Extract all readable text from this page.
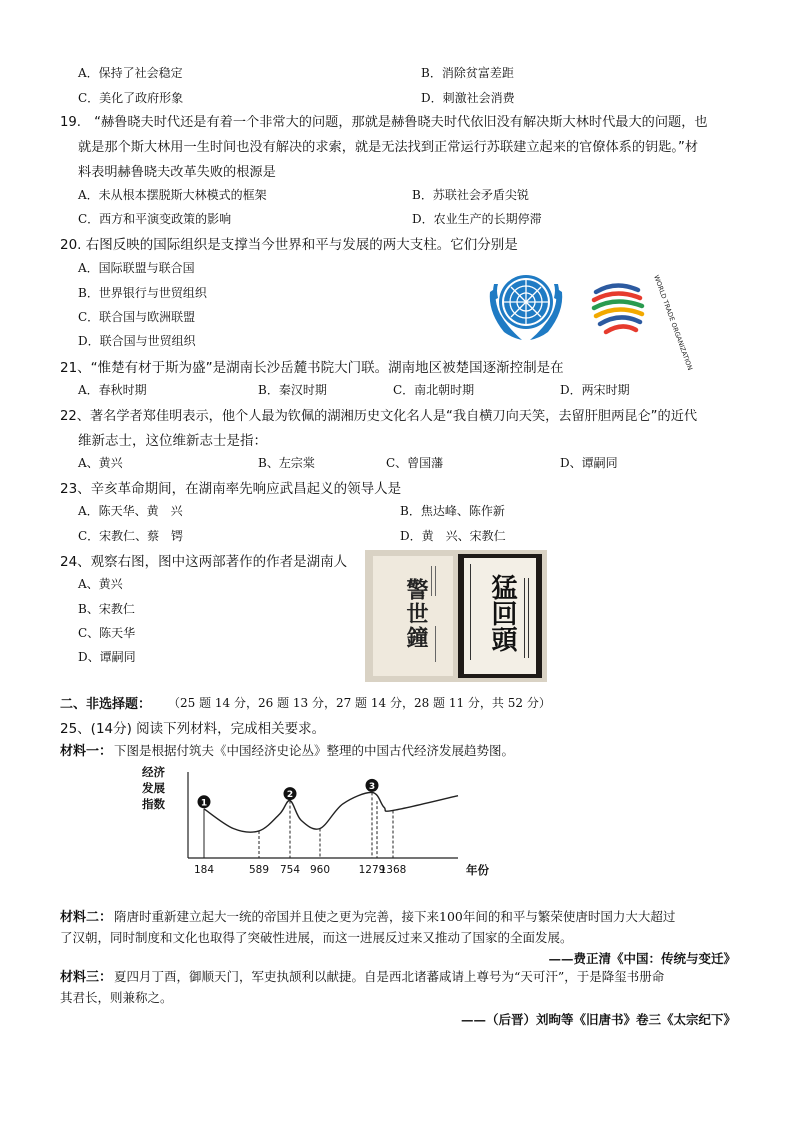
A．保持了社会稳定	B．消除贫富差距
C．美化了政府形象	D．刺激社会消费
19.　“赫鲁晓夫时代还是有着一个非常大的问题，那就是赫鲁晓夫时代依旧没有解决斯大林时代最大的问题，也
就是那个斯大林用一生时间也没有解决的求索，就是无法找到正常运行苏联建立起来的官僚体系的钥匙。”材
料表明赫鲁晓夫改革失败的根源是
A．未从根本摆脱斯大林模式的框架	B．苏联社会矛盾尖锐
C．西方和平演变政策的影响	D．农业生产的长期停滞
20. 右图反映的国际组织是支撑当今世界和平与发展的两大支柱。它们分别是
A．国际联盟与联合国
B．世界银行与世贸组织
C．联合国与欧洲联盟
D．联合国与世贸组织	WORLD TRADE ORGANIZATION
21、“惟楚有材于斯为盛”是湖南长沙岳麓书院大门联。湖南地区被楚国逐渐控制是在
A．春秋时期	B．秦汉时期	C．南北朝时期	D．两宋时期
22、著名学者郑佳明表示，他个人最为钦佩的湖湘历史文化名人是“我自横刀向天笑，去留肝胆两昆仑”的近代
维新志士，这位维新志士是指：
A、黄兴	B、左宗棠	C、曾国藩	D、谭嗣同
23、辛亥革命期间，在湖南率先响应武昌起义的领导人是
A．陈天华、黄　兴	B．焦达峰、陈作新
C．宋教仁、蔡　锷	D．黄　兴、宋教仁
24、观察右图，图中这两部著作的作者是湖南人
A、黄兴
B、宋教仁
C、陈天华
D、谭嗣同
警世鐘 猛回頭
二、非选择题： （25 题 14 分，26 题 13 分，27 题 14 分，28 题 11 分，共 52 分）
25、(14分) 阅读下列材料，完成相关要求。
材料一： 下图是根据付筑夫《中国经济史论丛》整理的中国古代经济发展趋势图。
经济
发展
指数	1
2
3
184	589 754 960	1279
1368	年份
材料二： 隋唐时重新建立起大一统的帝国并且使之更为完善，接下来100年间的和平与繁荣使唐时国力大大超过
了汉朝，同时制度和文化也取得了突破性进展，而这一进展反过来又推动了国家的全面发展。
——费正清《中国：传统与变迁》
材料三： 夏四月丁酉，御顺天门，军吏执颉利以献捷。自是西北诸蕃咸请上尊号为“天可汗”，于是降玺书册命
其君长，则兼称之。
——（后晋）刘昫等《旧唐书》卷三《太宗纪下》
